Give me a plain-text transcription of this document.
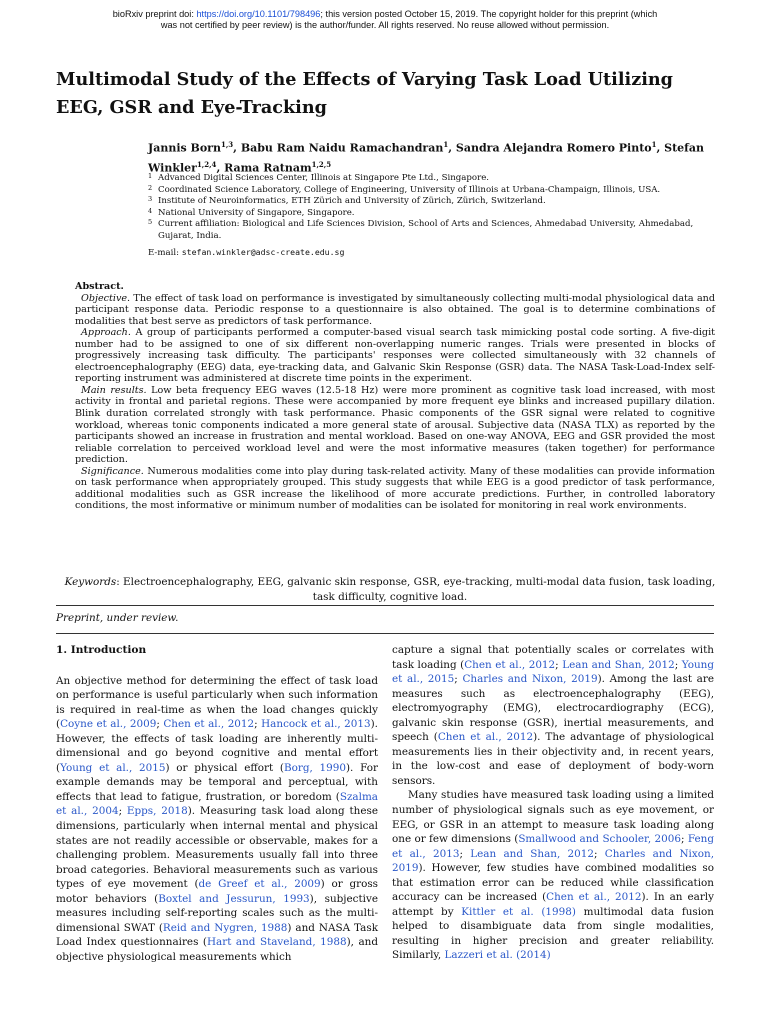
bioRxiv preprint doi: https://doi.org/10.1101/798496; this version posted October 15, 2019. The copyright holder for this preprint (which
was not certified by peer review) is the author/funder. All rights reserved. No reuse allowed without permission.
Multimodal Study of the Effects of Varying Task Load Utilizing EEG, GSR and Eye-Tracking
Jannis Born$^{1,3}$, Babu Ram Naidu Ramachandran$^1$, Sandra Alejandra Romero Pinto$^1$, Stefan Winkler$^{1,2,4}$, Rama Ratnam$^{1,2,5}$
1 Advanced Digital Sciences Center, Illinois at Singapore Pte Ltd., Singapore.
2 Coordinated Science Laboratory, College of Engineering, University of Illinois at Urbana-Champaign, Illinois, USA.
3 Institute of Neuroinformatics, ETH Zürich and University of Zürich, Zürich, Switzerland.
4 National University of Singapore, Singapore.
5 Current affiliation: Biological and Life Sciences Division, School of Arts and Sciences, Ahmedabad University, Ahmedabad, Gujarat, India.
E-mail: stefan.winkler@adsc-create.edu.sg

Abstract.

Objective. The effect of task load on performance is investigated by simultaneously collecting multi-modal physiological data and participant response data. Periodic response to a questionnaire is also obtained. The goal is to determine combinations of modalities that best serve as predictors of task performance.

Approach. A group of participants performed a computer-based visual search task mimicking postal code sorting. A five-digit number had to be assigned to one of six different non-overlapping numeric ranges. Trials were presented in blocks of progressively increasing task difficulty. The participants' responses were collected simultaneously with 32 channels of electroencephalography (EEG) data, eye-tracking data, and Galvanic Skin Response (GSR) data. The NASA Task-Load-Index self-reporting instrument was administered at discrete time points in the experiment.

Main results. Low beta frequency EEG waves (12.5-18 Hz) were more prominent as cognitive task load increased, with most activity in frontal and parietal regions. These were accompanied by more frequent eye blinks and increased pupillary dilation. Blink duration correlated strongly with task performance. Phasic components of the GSR signal were related to cognitive workload, whereas tonic components indicated a more general state of arousal. Subjective data (NASA TLX) as reported by the participants showed an increase in frustration and mental workload. Based on one-way ANOVA, EEG and GSR provided the most reliable correlation to perceived workload level and were the most informative measures (taken together) for performance prediction.

Significance. Numerous modalities come into play during task-related activity. Many of these modalities can provide information on task performance when appropriately grouped. This study suggests that while EEG is a good predictor of task performance, additional modalities such as GSR increase the likelihood of more accurate predictions. Further, in controlled laboratory conditions, the most informative or minimum number of modalities can be isolated for monitoring in real work environments.

Keywords: Electroencephalography, EEG, galvanic skin response, GSR, eye-tracking, multi-modal data fusion, task loading, task difficulty, cognitive load.
Preprint, under review.

1. Introduction

An objective method for determining the effect of task load on performance is useful particularly when such information is required in real-time as when the load changes quickly (Coyne et al., 2009; Chen et al., 2012; Hancock et al., 2013). However, the effects of task loading are inherently multi-dimensional and go beyond cognitive and mental effort (Young et al., 2015) or physical effort (Borg, 1990). For example demands may be temporal and perceptual, with effects that lead to fatigue, frustration, or boredom (Szalma et al., 2004; Epps, 2018). Measuring task load along these dimensions, particularly when internal mental and physical states are not readily accessible or observable, makes for a challenging problem. Measurements usually fall into three broad categories. Behavioral measurements such as various types of eye movement (de Greef et al., 2009) or gross motor behaviors (Boxtel and Jessurun, 1993), subjective measures including self-reporting scales such as the multi-dimensional SWAT (Reid and Nygren, 1988) and NASA Task Load Index questionnaires (Hart and Staveland, 1988), and objective physiological measurements which

capture a signal that potentially scales or correlates with task loading (Chen et al., 2012; Lean and Shan, 2012; Young et al., 2015; Charles and Nixon, 2019). Among the last are measures such as electroencephalography (EEG), electromyography (EMG), electrocardiography (ECG), galvanic skin response (GSR), inertial measurements, and speech (Chen et al., 2012). The advantage of physiological measurements lies in their objectivity and, in recent years, in the low-cost and ease of deployment of body-worn sensors.

Many studies have measured task loading using a limited number of physiological signals such as eye movement, or EEG, or GSR in an attempt to measure task loading along one or few dimensions (Smallwood and Schooler, 2006; Feng et al., 2013; Lean and Shan, 2012; Charles and Nixon, 2019). However, few studies have combined modalities so that estimation error can be reduced while classification accuracy can be increased (Chen et al., 2012). In an early attempt by Kittler et al. (1998) multimodal data fusion helped to disambiguate data from single modalities, resulting in higher precision and greater reliability. Similarly, Lazzeri et al. (2014)
